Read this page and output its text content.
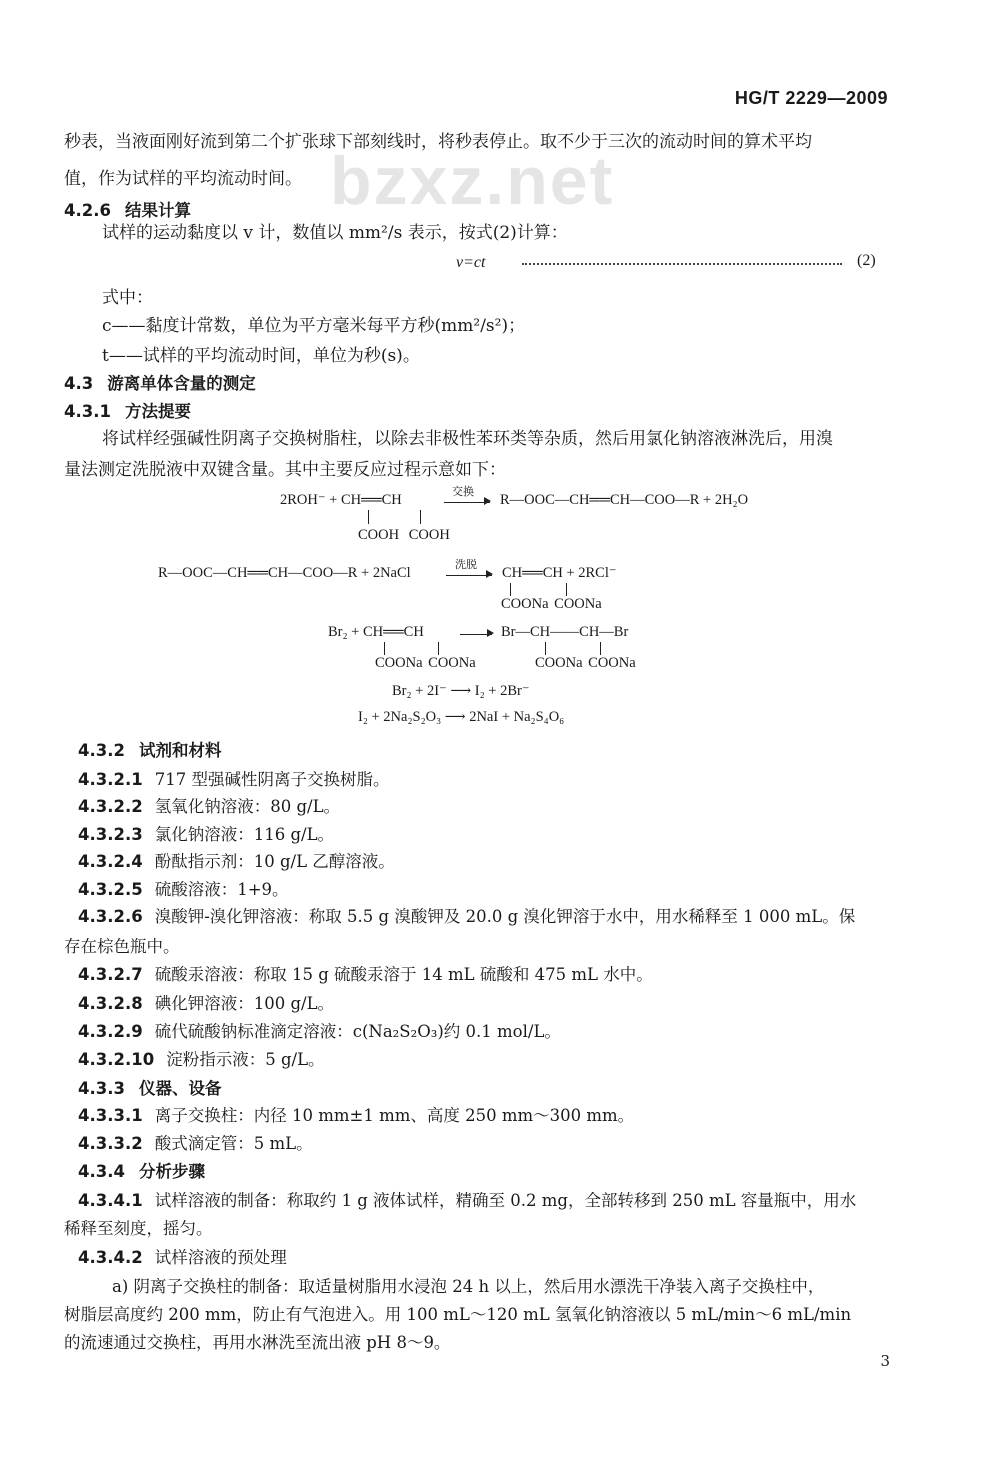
bzxz.net
HG/T 2229—2009
秒表，当液面刚好流到第二个扩张球下部刻线时，将秒表停止。取不少于三次的流动时间的算术平均
值，作为试样的平均流动时间。
4.2.6 结果计算
试样的运动黏度以 v 计，数值以 mm²/s 表示，按式(2)计算：
v=ct	(2)
式中：
c——黏度计常数，单位为平方毫米每平方秒(mm²/s²)；
t——试样的平均流动时间，单位为秒(s)。
4.3 游离单体含量的测定
4.3.1 方法提要
将试样经强碱性阴离子交换树脂柱，以除去非极性苯环类等杂质，然后用氯化钠溶液淋洗后，用溴
量法测定洗脱液中双键含量。其中主要反应过程示意如下：
2ROH⁻ + CH══CH
交换
R—OOC—CH══CH—COO—R + 2H₂O
COOH COOH
R—OOC—CH══CH—COO—R + 2NaCl
洗脱
CH══CH + 2RCl⁻
COONa COONa
Br₂ + CH══CH	Br—CH——CH—Br
COONa COONa	COONa COONa
Br₂ + 2I⁻ ⟶ I₂ + 2Br⁻
I₂ + 2Na₂S₂O₃ ⟶ 2NaI + Na₂S₄O₆
4.3.2 试剂和材料
4.3.2.1 717 型强碱性阴离子交换树脂。
4.3.2.2 氢氧化钠溶液：80 g/L。
4.3.2.3 氯化钠溶液：116 g/L。
4.3.2.4 酚酞指示剂：10 g/L 乙醇溶液。
4.3.2.5 硫酸溶液：1+9。
4.3.2.6 溴酸钾-溴化钾溶液：称取 5.5 g 溴酸钾及 20.0 g 溴化钾溶于水中，用水稀释至 1 000 mL。保
存在棕色瓶中。
4.3.2.7 硫酸汞溶液：称取 15 g 硫酸汞溶于 14 mL 硫酸和 475 mL 水中。
4.3.2.8 碘化钾溶液：100 g/L。
4.3.2.9 硫代硫酸钠标准滴定溶液：c(Na₂S₂O₃)约 0.1 mol/L。
4.3.2.10 淀粉指示液：5 g/L。
4.3.3 仪器、设备
4.3.3.1 离子交换柱：内径 10 mm±1 mm、高度 250 mm～300 mm。
4.3.3.2 酸式滴定管：5 mL。
4.3.4 分析步骤
4.3.4.1 试样溶液的制备：称取约 1 g 液体试样，精确至 0.2 mg，全部转移到 250 mL 容量瓶中，用水
稀释至刻度，摇匀。
4.3.4.2 试样溶液的预处理
a) 阴离子交换柱的制备：取适量树脂用水浸泡 24 h 以上，然后用水漂洗干净装入离子交换柱中，
树脂层高度约 200 mm，防止有气泡进入。用 100 mL～120 mL 氢氧化钠溶液以 5 mL/min～6 mL/min
的流速通过交换柱，再用水淋洗至流出液 pH 8～9。
3
